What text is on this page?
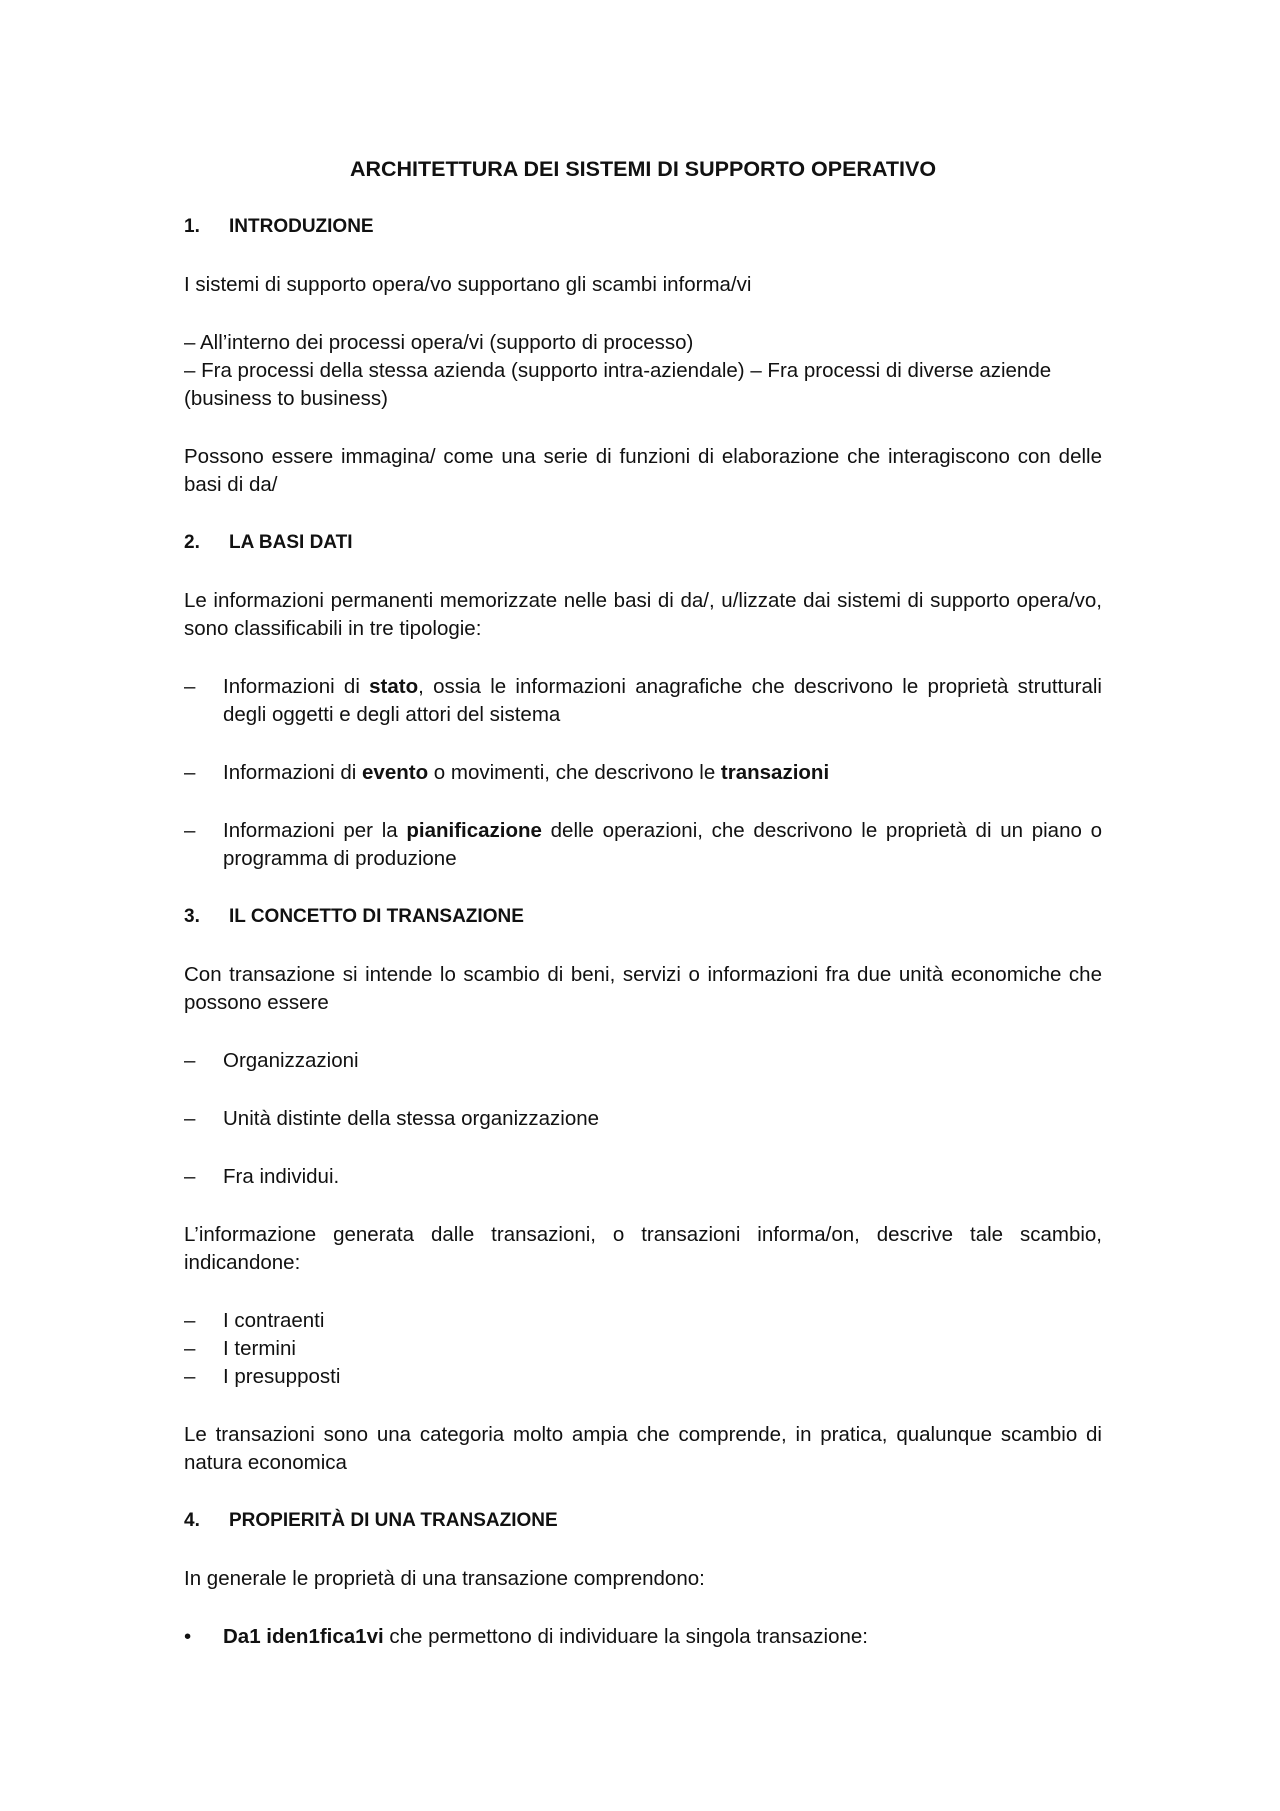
ARCHITETTURA DEI SISTEMI DI SUPPORTO OPERATIVO
1.	INTRODUZIONE

I sistemi di supporto opera/vo supportano gli scambi informa/vi

– All’interno dei processi opera/vi (supporto di processo)
– Fra processi della stessa azienda (supporto intra-aziendale) – Fra processi di diverse aziende (business to business)

Possono essere immagina/ come una serie di funzioni di elaborazione che interagiscono con delle basi di da/

2.	LA BASI DATI

Le informazioni permanenti memorizzate nelle basi di da/, u/lizzate dai sistemi di supporto opera/vo, sono classificabili in tre tipologie:

–	Informazioni di stato, ossia le informazioni anagrafiche che descrivono le proprietà strutturali degli oggetti e degli attori del sistema
–	Informazioni di evento o movimenti, che descrivono le transazioni
–	Informazioni per la pianificazione delle operazioni, che descrivono le proprietà di un piano o programma di produzione
3.	IL CONCETTO DI TRANSAZIONE

Con transazione si intende lo scambio di beni, servizi o informazioni fra due unità economiche che possono essere

–	Organizzazioni
–	Unità distinte della stessa organizzazione
–	Fra individui.

L’informazione generata dalle transazioni, o transazioni informa/on, descrive tale scambio, indicandone:

–	I contraenti
–	I termini
–	I presupposti

Le transazioni sono una categoria molto ampia che comprende, in pratica, qualunque scambio di natura economica

4.	PROPIERITÀ DI UNA TRANSAZIONE

In generale le proprietà di una transazione comprendono:

•	Da1 iden1fica1vi che permettono di individuare la singola transazione:
